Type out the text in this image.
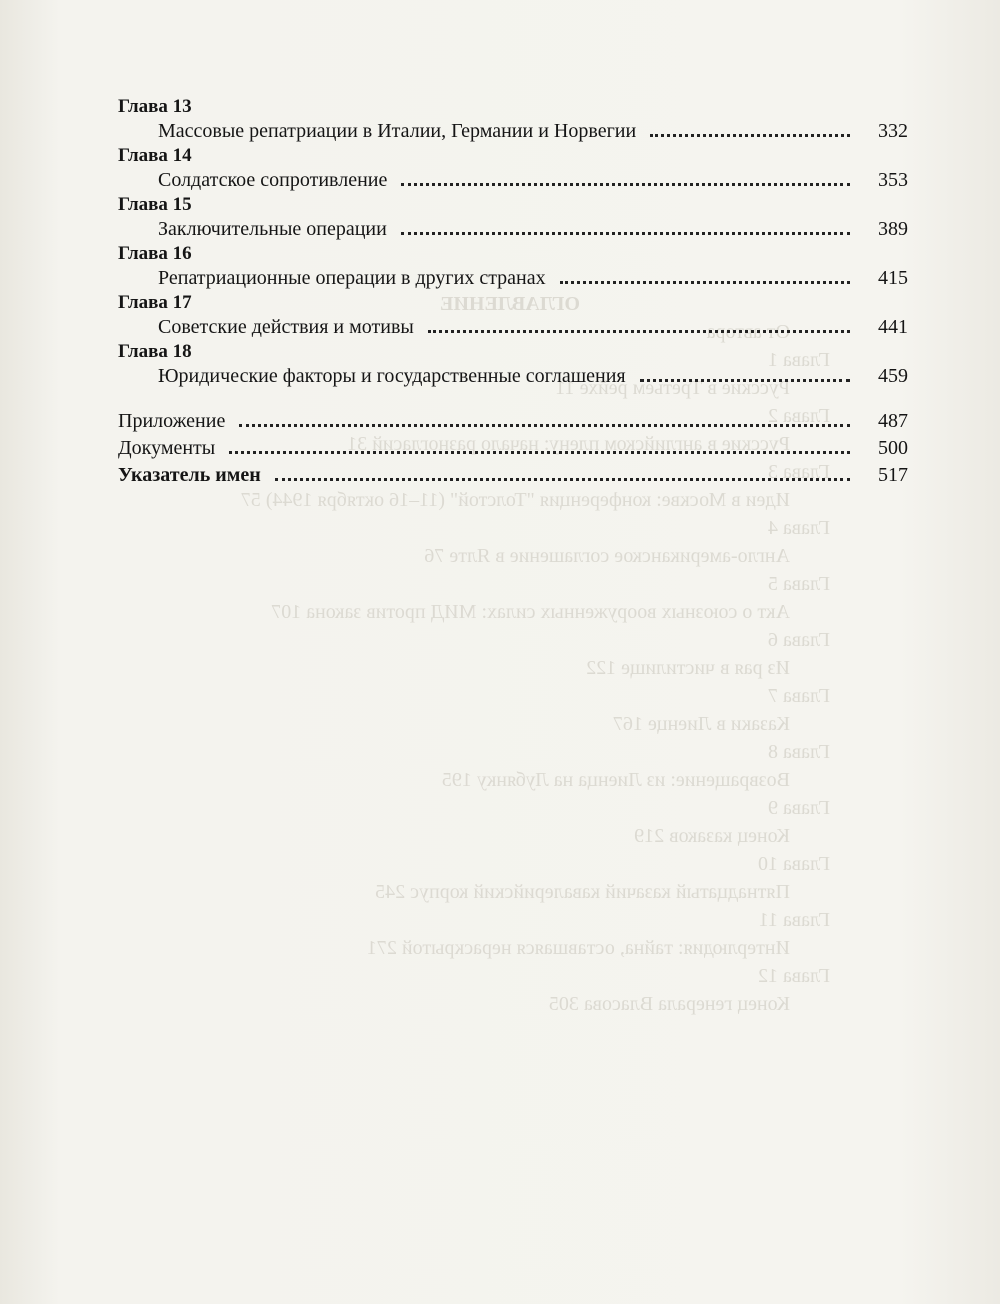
ОГЛАВЛЕНИЕ
От автора
Глава 1
Русские в Третьем рейхе 11
Глава 2
Русские в английском плену: начало разногласий 31
Глава 3
Идеи в Москве: конференция "Толстой" (11–16 октября 1944) 57
Глава 4
Англо-американское соглашение в Ялте 76
Глава 5
Акт о союзных вооруженных силах: МИД против закона 107
Глава 6
Из рая в чистилище 122
Глава 7
Казаки в Лиенце 167
Глава 8
Возвращение: из Лиенца на Лубянку 195
Глава 9
Конец казаков 219
Глава 10
Пятнадцатый казачий кавалерийский корпус 245
Глава 11
Интерлюдия: тайна, оставшаяся нераскрытой 271
Глава 12
Конец генерала Власова 305
Глава 13
Массовые репатриации в Италии, Германии и Норвегии	332
Глава 14
Солдатское сопротивление	353
Глава 15
Заключительные операции	389
Глава 16
Репатриационные операции в других странах	415
Глава 17
Советские действия и мотивы	441
Глава 18
Юридические факторы и государственные соглашения	459
Приложение	487
Документы	500
Указатель имен	517
